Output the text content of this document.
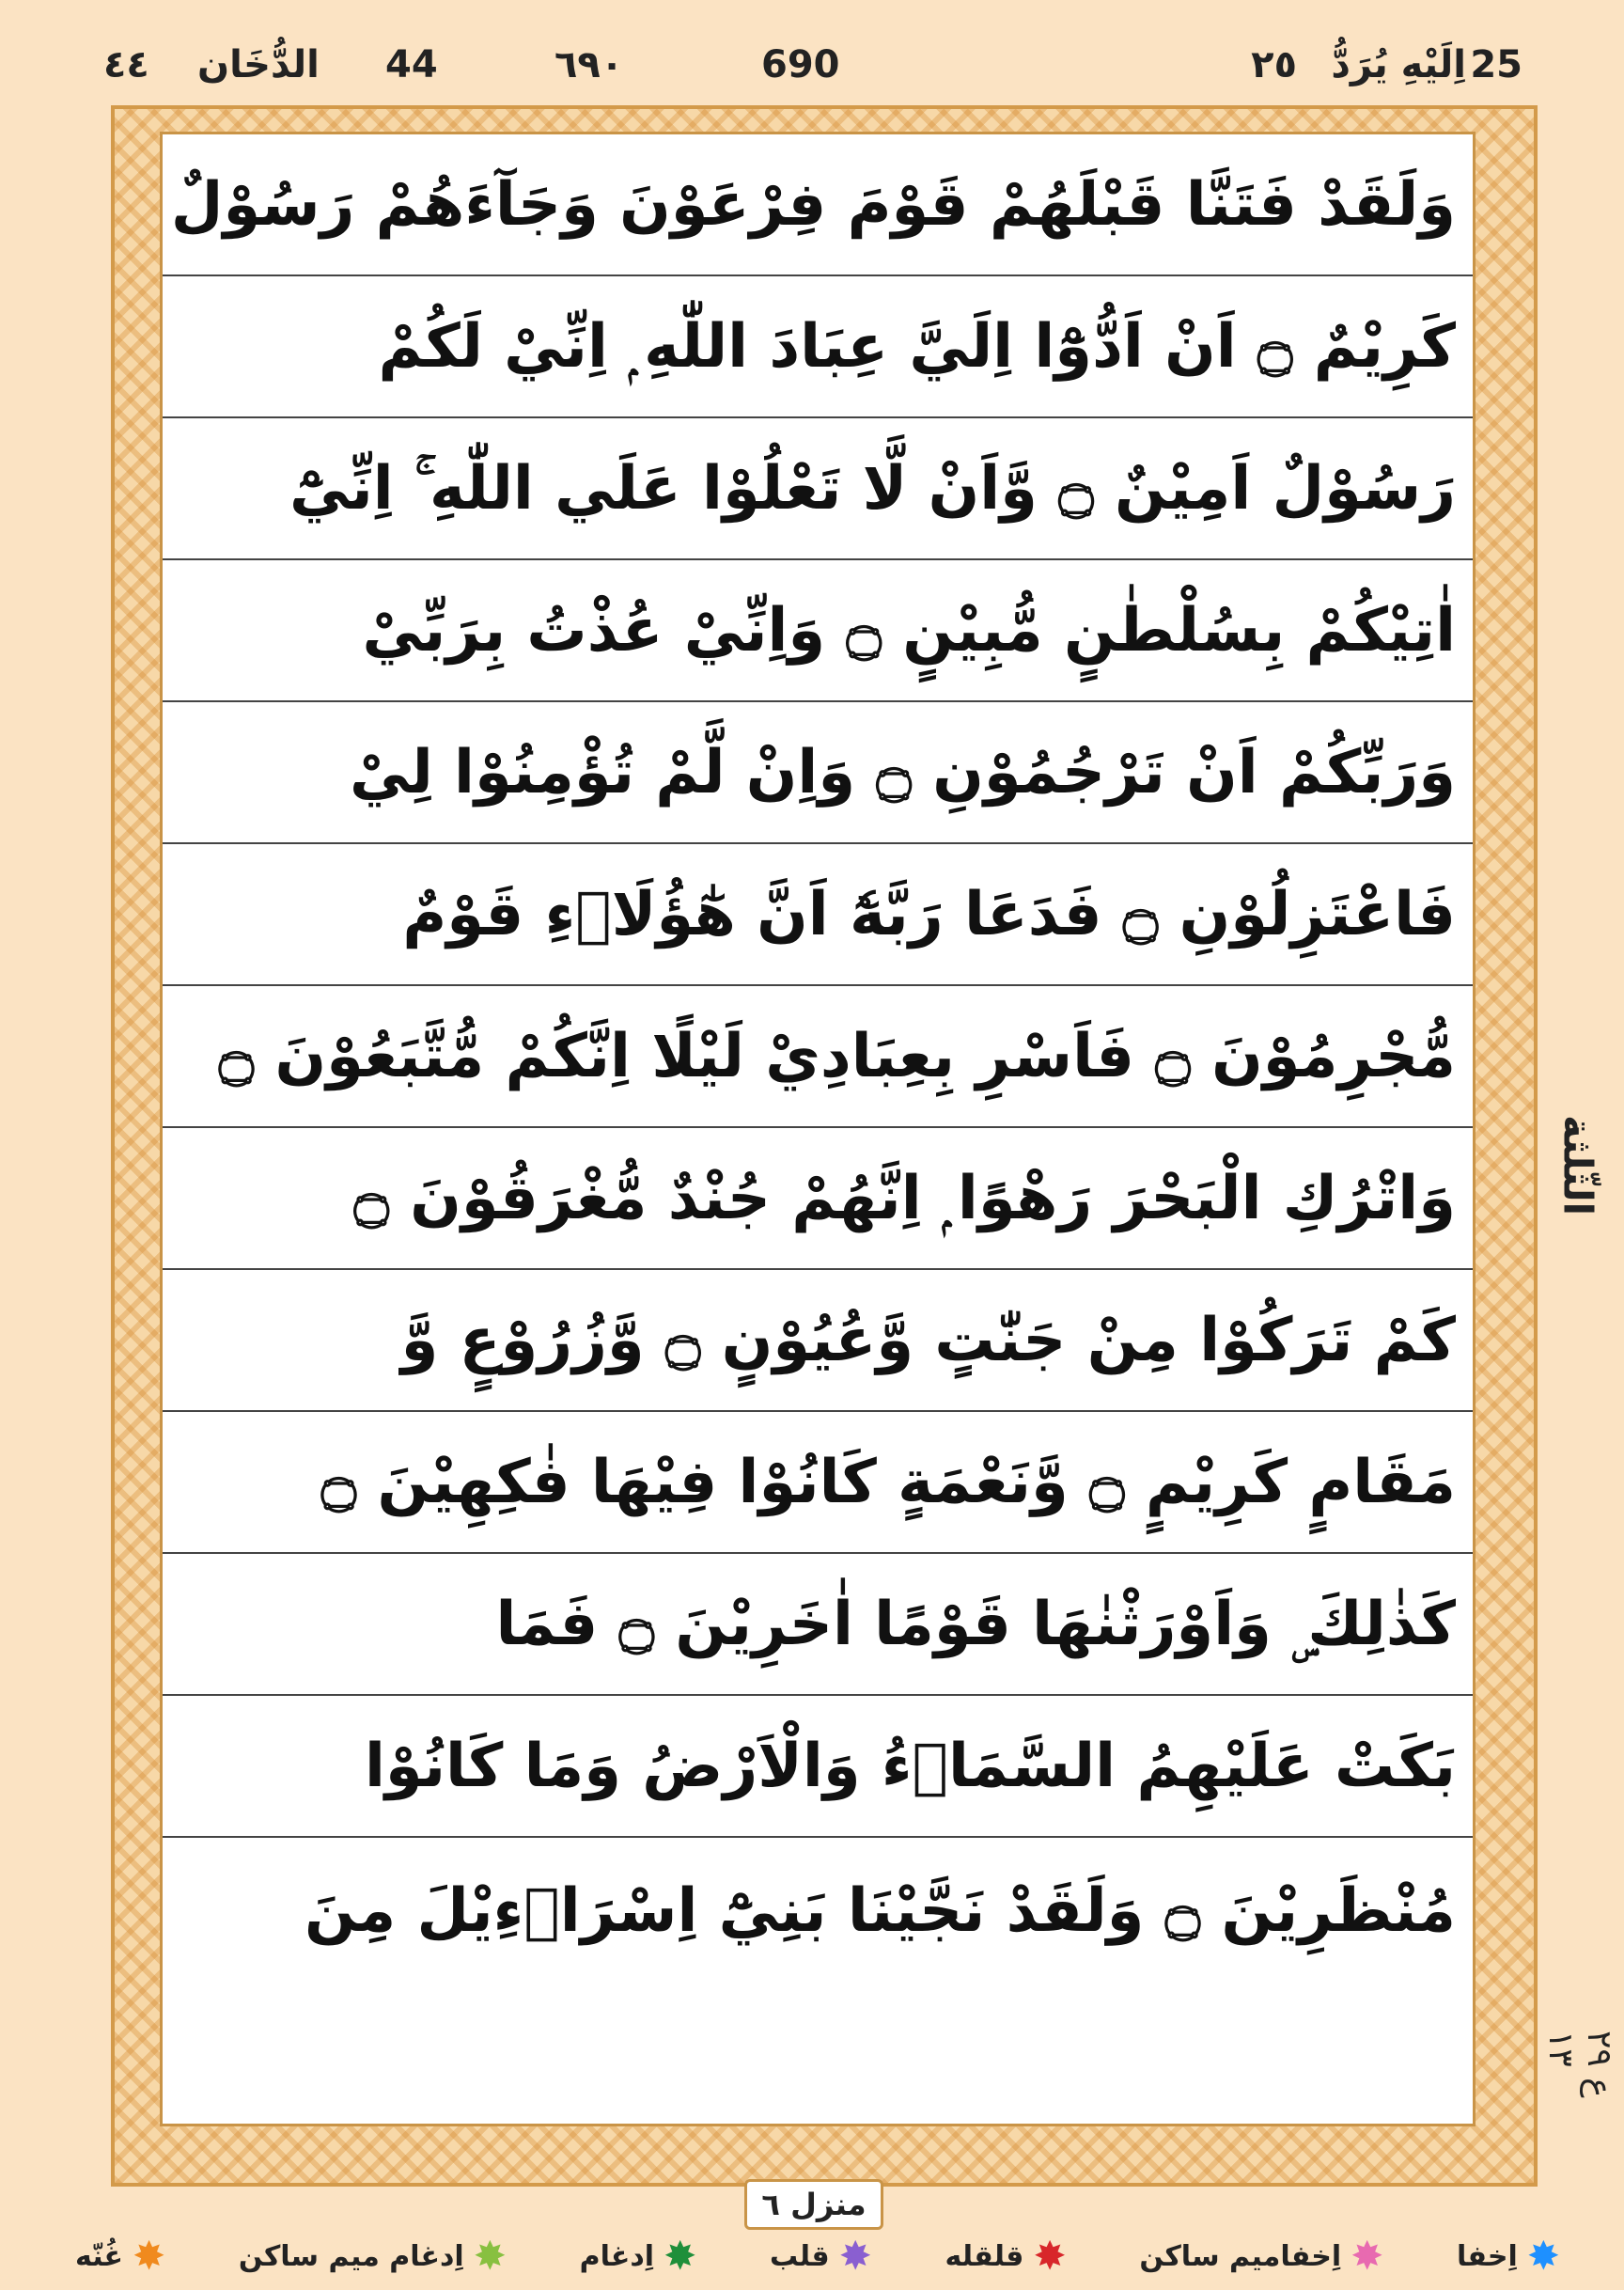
25
اِلَيْهِ يُرَدُّ
٢٥
690
٦٩٠
44
الدُّخَان
٤٤
وَلَقَدْ فَتَنَّا قَبْلَهُمْ قَوْمَ فِرْعَوْنَ وَجَآءَهُمْ رَسُوْلٌ
كَرِيْمٌ ۝ اَنْ اَدُّوْٓا اِلَيَّ عِبَادَ اللّٰهِ ۭ اِنِّيْ لَكُمْ
رَسُوْلٌ اَمِيْنٌ ۝ وَّاَنْ لَّا تَعْلُوْا عَلَي اللّٰهِ ۚ اِنِّيْٓ
اٰتِيْكُمْ بِسُلْطٰنٍ مُّبِيْنٍ ۝ وَاِنِّيْ عُذْتُ بِرَبِّيْ
وَرَبِّكُمْ اَنْ تَرْجُمُوْنِ ۝ وَاِنْ لَّمْ تُؤْمِنُوْا لِيْ
فَاعْتَزِلُوْنِ ۝ فَدَعَا رَبَّهٗٓ اَنَّ هٰٓؤُلَاۗءِ قَوْمٌ
مُّجْرِمُوْنَ ۝ فَاَسْرِ بِعِبَادِيْ لَيْلًا اِنَّكُمْ مُّتَّبَعُوْنَ ۝
وَاتْرُكِ الْبَحْرَ رَهْوًا ۭ اِنَّهُمْ جُنْدٌ مُّغْرَقُوْنَ ۝
كَمْ تَرَكُوْا مِنْ جَنّٰتٍ وَّعُيُوْنٍ ۝ وَّزُرُوْعٍ وَّ
مَقَامٍ كَرِيْمٍ ۝ وَّنَعْمَةٍ كَانُوْا فِيْهَا فٰكِهِيْنَ ۝
كَذٰلِكَ ۣ وَاَوْرَثْنٰهَا قَوْمًا اٰخَرِيْنَ ۝ فَمَا
بَكَتْ عَلَيْهِمُ السَّمَاۗءُ وَالْاَرْضُ وَمَا كَانُوْا
مُنْظَرِيْنَ ۝ وَلَقَدْ نَجَّيْنَا بَنِيْٓ اِسْرَاۗءِيْلَ مِنَ
الثّلثة
ع ٢٩ ١٣
منزل ٦
✸
اِخفا
✸
اِخفامیم ساکن
✸
قلقله
✸
قلب
✸
اِدغام
✸
اِدغام میم ساکن
✸
غُنّه
